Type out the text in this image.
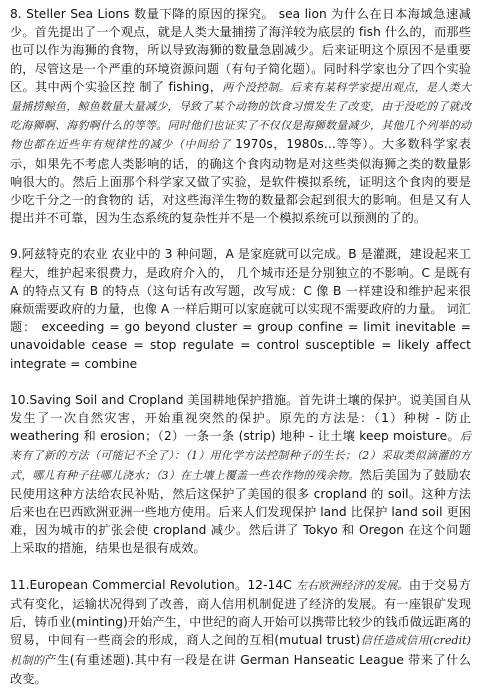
8. Steller Sea Lions 数量下降的原因的探究。 sea lion 为什么在日本海域急速减少。首先提出了一个观点，就是人类大量捕捞了海洋较为底层的 fish 什么的，而那些也可以作为海狮的食物，所以导致海狮的数量急剧减少。后来证明这个原因不是重要的，尽管这是一个严重的环境资源问题（有句子简化题）。同时科学家也分了四个实验区。其中两个实验区控 制了 fishing，两个没控制。后来有某科学家提出观点，是人类大量捕捞鲸鱼，鲸鱼数量大量减少，导致了某个动物的饮食习惯发生了改变，由于没吃的了就改吃海狮啊、海豹啊什么的等等。同时他们也证实了不仅仅是海狮数量减少，其他几个列举的动物也都在近些年有规律性的减少（中间给了 1970s，1980s…等等）。大多数科学家表示，如果先不考虑人类影响的话，的确这个食肉动物是对这些类似海狮之类的数量影响很大的。然后上面那个科学家又做了实验，是软件模拟系统，证明这个食肉的要是少吃千分之一的食物的 话，对这些海洋生物的数量都会起到很大的影响。但是又有人提出并不可靠，因为生态系统的复杂性并不是一个模拟系统可以预测的了的。

9.阿兹特克的农业 农业中的 3 种问题，A 是家庭就可以完成。B 是灌溉，建设起来工程大，维护起来很费力，是政府介入的， 几个城市还是分别独立的不影响。C 是既有 A 的特点又有 B 的特点（这句话有改写题，改写成：C 像 B 一样建设和维护起来很麻烦需要政府的力量，也像 A 一样后期可以家庭就可以实现不需要政府的力量。 词汇题： exceeding = go beyond cluster = group confine = limit inevitable = unavoidable cease = stop regulate = control susceptible = likely affect integrate = combine

10.Saving Soil and Cropland 美国耕地保护措施。首先讲土壤的保护。说美国自从发生了一次自然灾害，开始重视突然的保护。原先的方法是：（1）种树 - 防止 weathering 和 erosion；（2）一条一条 (strip) 地种 - 让土壤 keep moisture。后来有了新的方法（可能记不全了）：（1）用化学方法控制种子的生长；（2）采取类似滴灌的方式，哪儿有种子往哪儿浇水；（3）在土壤上覆盖一些农作物的残余物。然后美国为了鼓励农民使用这种方法给农民补贴，然后这保护了美国的很多 cropland 的 soil。这种方法后来也在巴西欧洲亚洲一些地方使用。后来人们发现保护 land 比保护 land soil 更困难，因为城市的扩张会使 cropland 减少。然后讲了 Tokyo 和 Oregon 在这个问题上采取的措施，结果也是很有成效。

11.European Commercial Revolution。12-14C 左右欧洲经济的发展。由于交易方式有变化，运输状况得到了改善，商人信用机制促进了经济的发展。有一座银矿发现后，铸币业(minting)开始产生，中世纪的商人开始可以携带比较少的钱币做远距离的贸易，中间有一些商会的形成，商人之间的互相(mutual trust)信任造成信用(credit)机制的产生(有重述题).其中有一段是在讲 German Hanseatic League 带来了什么改变。
